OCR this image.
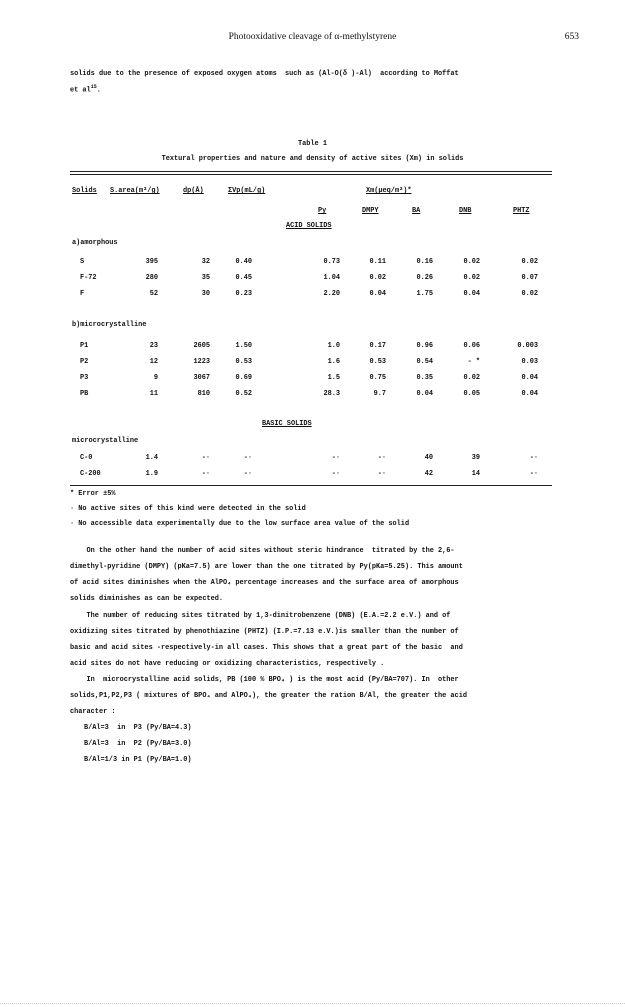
Photooxidative cleavage of α-methylstyrene	653
solids due to the presence of exposed oxygen atoms  such as (Al-O(δ )-Al)  according to Moffat
et $al^{15}$.
Table 1
Textural properties and nature and density of active sites (Xm) in solids
Solids S.area(m²/g)	dp(Å)	ΣVp(mL/g)	Xm(μeq/m²)*
Py	DMPY	BA	DNB	PHTZ
ACID SOLIDS
a)amorphous
b)microcrystalline
BASIC SOLIDS
microcrystalline
S	395	32	0.40	0.73	0.11	0.16	0.02	0.02
F-72	280	35	0.45	1.04	0.02	0.26	0.02	0.07
F	52	30	0.23	2.20	0.04	1.75	0.04	0.02
P1	23	2605	1.50	1.0	0.17	0.96	0.06	0.003
P2	12	1223	0.53	1.6	0.53	0.54	- *	0.03
P3	9	3067	0.69	1.5	0.75	0.35	0.02	0.04
PB	11	810	0.52	28.3	9.7	0.04	0.05	0.04
C-0	1.4	-·	-·	-·	-·	40	39	-·
C-200	1.9	-·	-·	-·	-·	42	14	-·
* Error ±5%
· No active sites of this kind were detected in the solid
· No accessible data experimentally due to the low surface area value of the solid
On the other hand the number of acid sites without steric hindrance  titrated by the 2,6-
dimethyl-pyridine (DMPY) (pKa=7.5) are lower than the one titrated by Py(pKa=5.25). This amount
of acid sites diminishes when the AlPO₄ percentage increases and the surface area of amorphous
solids diminishes as can be expected.
The number of reducing sites titrated by 1,3-dinitrobenzene (DNB) (E.A.=2.2 e.V.) and of
oxidizing sites titrated by phenothiazine (PHTZ) (I.P.=7.13 e.V.)is smaller than the number of
basic and acid sites -respectively-in all cases. This shows that a great part of the basic  and
acid sites do not have reducing or oxidizing characteristics, respectively .
In  microcrystalline acid solids, PB (100 % BPO₄ ) is the most acid (Py/BA=707). In  other
solids,P1,P2,P3 ( mixtures of BPO₄ and AlPO₄), the greater the ration B/Al, the greater the acid
character :
B/Al=3  in  P3 (Py/BA=4.3)
B/Al=3  in  P2 (Py/BA=3.0)
B/Al=1/3 in P1 (Py/BA=1.0)
